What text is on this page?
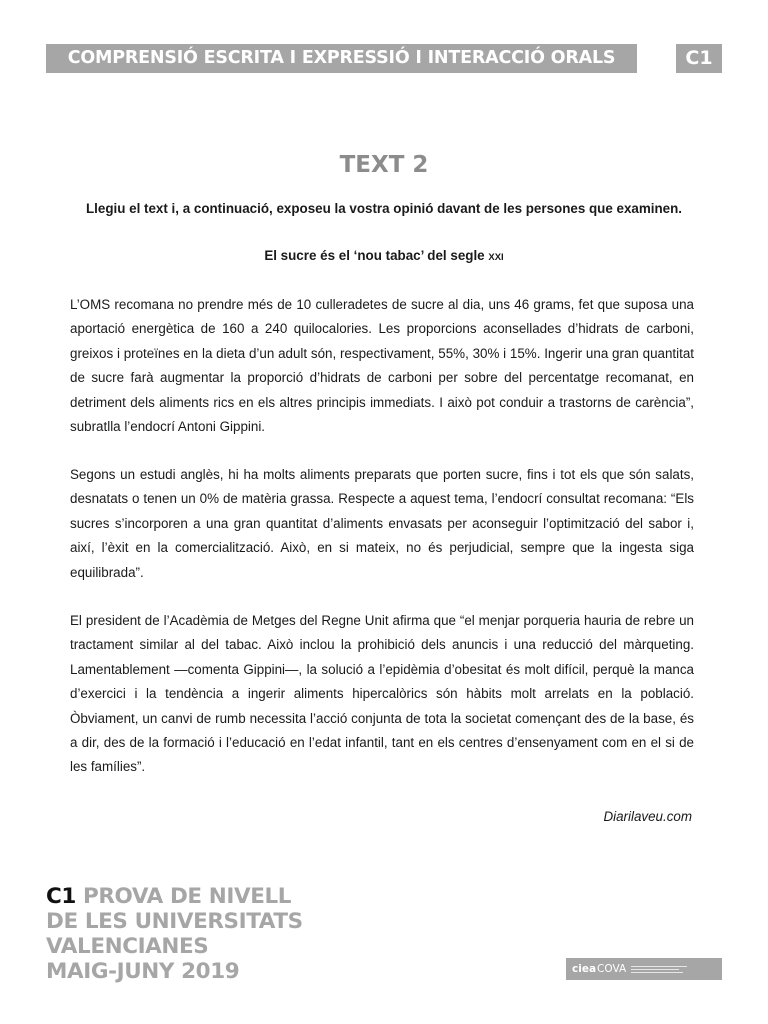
COMPRENSIÓ ESCRITA I EXPRESSIÓ I INTERACCIÓ ORALS	C1
TEXT 2
Llegiu el text i, a continuació, exposeu la vostra opinió davant de les persones que examinen.
El sucre és el ‘nou tabac’ del segle XXI

L’OMS recomana no prendre més de 10 culleradetes de sucre al dia, uns 46 grams, fet que suposa una aportació energètica de 160 a 240 quilocalories. Les proporcions aconsellades d’hidrats de carboni, greixos i proteïnes en la dieta d’un adult són, respectivament, 55%, 30% i 15%. Ingerir una gran quantitat de sucre farà augmentar la proporció d’hidrats de carboni per sobre del percentatge recomanat, en detriment dels aliments rics en els altres principis immediats. I això pot conduir a trastorns de carència”, subratlla l’endocrí Antoni Gippini.

Segons un estudi anglès, hi ha molts aliments preparats que porten sucre, fins i tot els que són salats, desnatats o tenen un 0% de matèria grassa. Respecte a aquest tema, l’endocrí consultat recomana: “Els sucres s’incorporen a una gran quantitat d’aliments envasats per aconseguir l’optimització del sabor i, així, l’èxit en la comercialització. Això, en si mateix, no és perjudicial, sempre que la ingesta siga equilibrada”.

El president de l’Acadèmia de Metges del Regne Unit afirma que “el menjar porqueria hauria de rebre un tractament similar al del tabac. Això inclou la prohibició dels anuncis i una reducció del màrqueting. Lamentablement —comenta Gippini—, la solució a l’epidèmia d’obesitat és molt difícil, perquè la manca d’exercici i la tendència a ingerir aliments hipercalòrics són hàbits molt arrelats en la població. Òbviament, un canvi de rumb necessita l’acció conjunta de tota la societat començant des de la base, és a dir, des de la formació i l’educació en l’edat infantil, tant en els centres d’ensenyament com en el si de les famílies”.

Diarilaveu.com
C1 PROVA DE NIVELL
DE LES UNIVERSITATS
VALENCIANES
MAIG-JUNY 2019	ciea COVA
